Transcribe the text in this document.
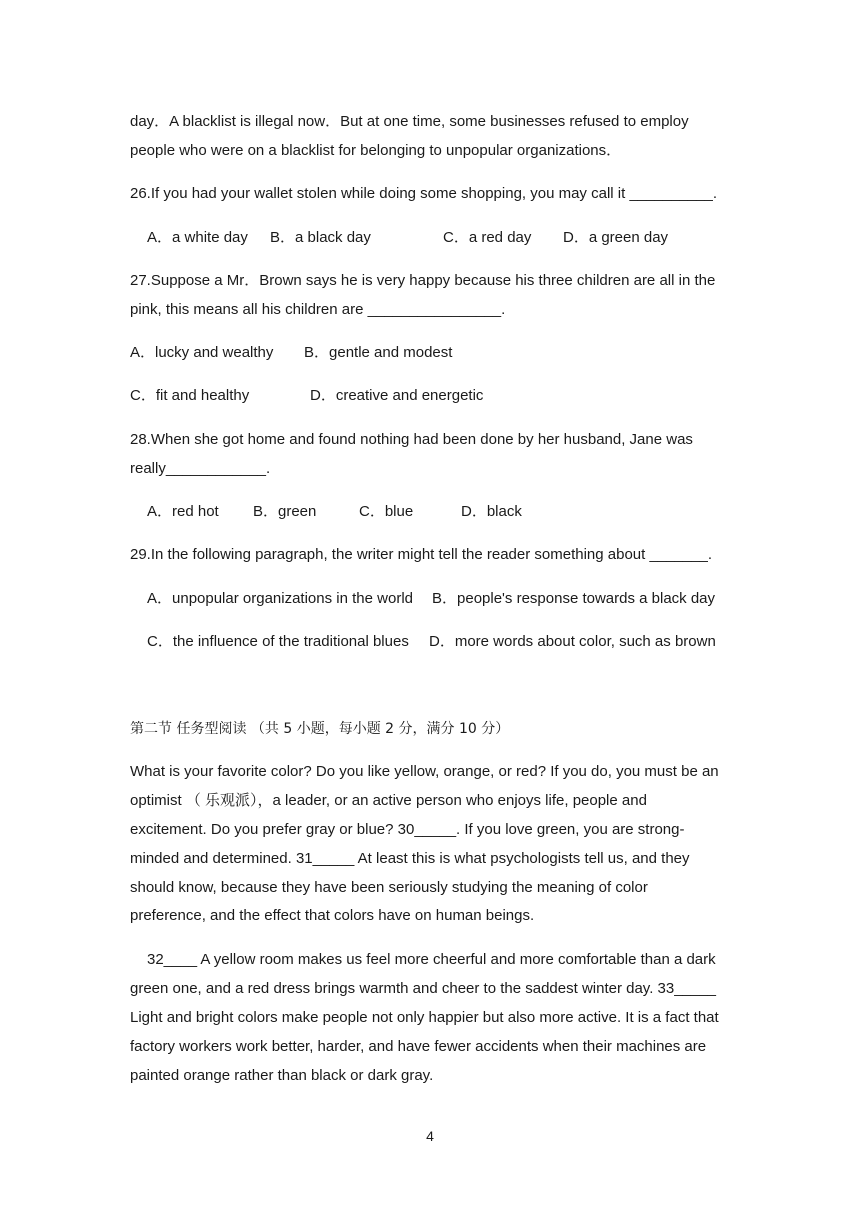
day．A blacklist is illegal now．But at one time, some businesses refused to employ
people who were on a blacklist for belonging to unpopular organizations．
26.If you had your wallet stolen while doing some shopping, you may call it __________.
A．a white day B．a black day	C．a red day D．a green day
27.Suppose a Mr．Brown says he is very happy because his three children are all in the
pink, this means all his children are ________________.
A．lucky and wealthy B．gentle and modest
C．fit and healthy	D．creative and energetic
28.When she got home and found nothing had been done by her husband, Jane was
really____________.
A．red hot B．green	C．blue	D．black
29.In the following paragraph, the writer might tell the reader something about _______.
A．unpopular organizations in the world B．people's response towards a black day
C．the influence of the traditional blues D．more words about color, such as brown
第二节 任务型阅读 （共 5 小题，每小题 2 分，满分 10 分）
What is your favorite color? Do you like yellow, orange, or red? If you do, you must be an
optimist （ 乐观派），a leader, or an active person who enjoys life, people and
excitement. Do you prefer gray or blue? 30_____. If you love green, you are strong-
minded and determined. 31_____ At least this is what psychologists tell us, and they
should know, because they have been seriously studying the meaning of color
preference, and the effect that colors have on human beings.
32____ A yellow room makes us feel more cheerful and more comfortable than a dark
green one, and a red dress brings warmth and cheer to the saddest winter day. 33_____
Light and bright colors make people not only happier but also more active. It is a fact that
factory workers work better, harder, and have fewer accidents when their machines are
painted orange rather than black or dark gray.
4
